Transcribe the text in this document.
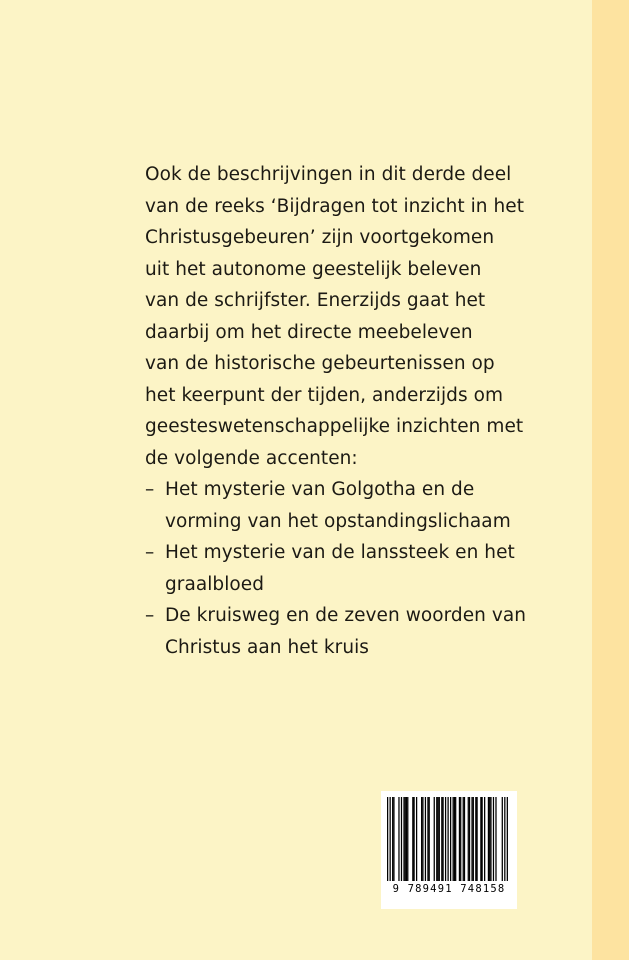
Ook de beschrijvingen in dit derde deel
van de reeks ‘Bijdragen tot inzicht in het
Christusgebeuren’ zijn voortgekomen
uit het autonome geestelijk beleven
van de schrijfster. Enerzijds gaat het
daarbij om het directe meebeleven
van de historische gebeurtenissen op
het keerpunt der tijden, anderzijds om
geesteswetenschappelijke inzichten met
de volgende accenten:

– Het mysterie van Golgotha en de
vorming van het opstandingslichaam
– Het mysterie van de lanssteek en het
graalbloed
– De kruisweg en de zeven woorden van
Christus aan het kruis
9 789491 748158
